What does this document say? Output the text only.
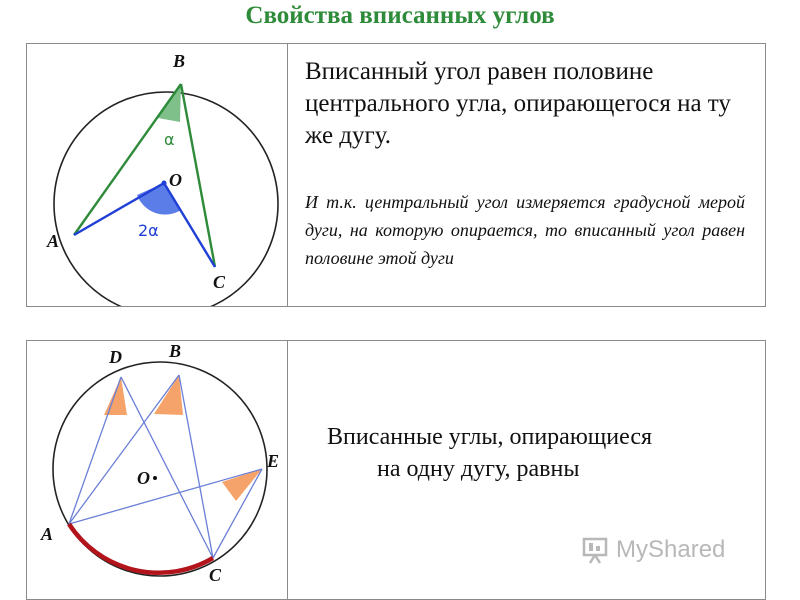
Свойства вписанных углов
B
O
A
C
α
2α
Вписанный угол равен половине центрального угла, опирающегося на ту же дугу.
И т.к. центральный угол измеряется градусной мерой дуги, на которую опирается, то вписанный угол равен половине этой дуги
D	B
E
O
A
C
Вписанные углы, опирающиеся
на одну дугу, равны
MyShared
